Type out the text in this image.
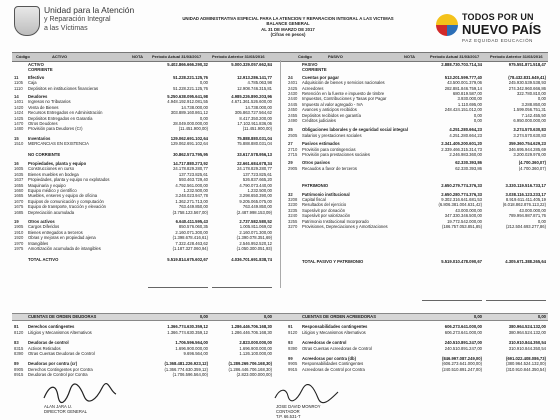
Unidad para la Atención
y Reparación Integral
a las Víctimas
UNIDAD ADMINISTRATIVA ESPECIAL PARA LA ATENCION Y REPARACION INTEGRAL A LAS VICTIMAS
BALANCE GENERAL
AL 31 DE MARZO DE 2017
(Cifras en pesos)
TODOS POR UN
NUEVO PAÍS
PAZ EQUIDAD EDUCACIÓN
Código	ACTIVO	NOTA Periodo Actual 31/03/2017	Periodo Anterior 31/03/2016	Código	PASIVO	NOTA	Periodo Actual 31/03/2017	Periodo Anterior 31/03/2016
ACTIVO	5.402.866.666.290,32	5.000.329.057.662,84
CORRIENTE
11	Efectivo	51.228.221.125,76	12.913.286.141,77
1105	Caja	0,00	4.785.063,98
1110	Depósitos en instituciones financieras	51.228.221.125,76	12.908.746.315,81
14	Deudores	5.250.638.095.641,98	4.985.226.890.203,96
1401	Ingresos no Tributarios	4.948.192.912.081,55	4.671.361.526.600,00
1420	Venta de Bienes	14.738.000,00	14.738.000,00
1424	Recursos Entregados en Administración	303.889.160.861,12	305.863.727.564,62
1425	Depósitos Entregados en Garantía	0,00	8.417.350.200,00
1470	Otros Deudores	28.049.000.000,00	17.102.911.836,06
1480	Provisión para Deudores (Cr)	(11.451.900,00)	(11.451.900,00)
15	Inventarios	129.062.691.102,64	75.888.880.031,04
1510	MERCANCIAS EN EXISTENCIA	129.062.691.102,64	75.888.880.031,04
NO CORRIENTE	30.862.573.795,95	33.617.578.956,13
16	Propiedades, planta y equipo	14.717.880.273,92	22.661.684.678,34
1605	Construcciones en curso	24.178.829.280,77	24.178.829.280,77
1635	Bienes muebles en bodega	137.723.825,61	137.723.825,61
1637	Propiedades, planta y equipo no explotados	593.463.729,40	526.837.665,20
1655	Maquinaria y equipo	4.792.561.000,00	4.790.073.440,00
1660	Equipo médico y científico	1.232.500,00	1.232.500,00
1665	Muebles, enseres y equipo de oficina	3.248.023.947,78	3.298.650.390,00
1670	Equipos de comunicación y computación	1.362.271.713,00	9.205.065.075,00
1675	Equipo de transporte, tracción y elevación	763.449.850,00	763.449.850,00
1685	Depreciación acumulada	(3.758.123.567,00)	(2.487.998.153,09)
19	Otros activos	6.640.411.595,43	2.737.582.580,52
1905	Cargos Diferidos	850.576.060,35	1.005.811.069,02
1910	Bienes entregados a terceros	2.160.071.300,00	2.160.071.300,00
1920	Obras y mejoras en propiedad ajena	(1.398.678.416,61)	(1.390.078.351,69)
1970	Intangibles	7.322.428.463,62	2.546.952.520,12
1975	Amortización acumulada de intangibles	(1.187.327.060,94)	(1.050.300.051,93)
TOTAL ACTIVO	5.519.814.675.602,67	4.036.701.691.838,74
PASIVO	2.888.730.703.714,34	975.551.871.518,47
CORRIENTE
24	Cuentas por pagar	513.201.599.777,40	(78.432.831.649,41)
2401	Adquisición de bienes y servicios nacionales	43.500.001.379,06	245.930.539.538,93
2425	Acreedores	282.881.846.759,14	274.342.960.666,86
2430	Retención en la fuente e impuesto de timbre	680.819.587,00	322.780.810,00
2440	Impuestos, Contribuciones y Tasas por Pagar	3.930.000,00	0,00
2445	Impuesto al valor agregado - IVA	1.110.695,00	3.288.850,00
2450	Avances y anticipos recibidos	248.424.151.012,00	1.599.056.751,31
2455	Depósitos recibidos en garantía	0,00	7.142.455,50
2490	Créditos judiciales	0,00	6.950.000.000,00
25	Obligaciones laborales y de seguridad social integral	4.251.280.664,23	3.274.570.630,83
2505	Salarios y prestaciones sociales	4.251.280.664,23	3.274.570.630,83
27	Pasivos estimados	2.341.405.200.601,20	359.360.754.629,23
2710	Provisión para contingencias	2.339.466.315.314,73	346.695.944.285,69
2715	Provisión para prestaciones sociales	2.246.983.360,00	3.200.029.978,00
29	Otros pasivos	62.330.393,86	(4.700.360,07)
2905	Recaudos a favor de terceros	62.330.393,86	(4.700.360,07)
PATRIMONIO	2.650.279.774.376,33	3.330.119.516.733,17
32	Patrimonio institucional	2.650.280.774.376,33	3.038.116.123.233,17
3208	Capital fiscal	9.302.316.641.681,53	8.919.611.411.405,19
3230	Resultados del ejercicio	(6.806.381.004.631,42)	(6.018.862.876.113,22)
3235	Superávit por donación	43.000.000,00	43.000.000,00
3240	Superávit por valorización	347.330.346.500,00	789.994.987.871,76
3255	Patrimonio Institucional Incorporado	19.772.542.000,00	0,00
3270	Provisiones, Depreciaciones y Amortizaciones	(186.757.053.851,85)	(212.504.693.277,86)
TOTAL PASIVO Y PATRIMONIO	5.519.010.478.090,67	4.305.671.388.265,64
CUENTAS DE ORDEN DEUDORAS	0,00	0,00
81	Derechos contingentes	1.366.774.630.359,12	1.286.446.706.168,30
8120	Litigios y Mecanismos Alternativos	1.366.774.630.359,12	1.286.446.706.168,30
83	Deudoras de control	1.706.596.564,00	2.823.000.000,00
8315	Activos Retirados	1.696.900.000,00	1.696.900.000,00
8390	Otras Cuentas Deudoras de Control	9.696.564,00	1.126.100.000,00
89	Deudoras por contra (cr)	(1.368.481.226.923,12)	(1.289.269.706.168,30)
8905	Derechos Contingentes por Contra	(1.366.774.630.359,12)	(1.286.446.706.168,30)
8915	Deudoras de Control por Contra	(1.706.596.564,00)	(2.823.000.000,00)
CUENTAS DE ORDEN ACREEDORAS	0,00	0,00
91	Responsabilidades contingentes	606.273.641.000,00	380.964.524.132,00
9120	Litigios y Mecanismos Alternativos	606.273.641.000,00	380.964.524.132,00
93	Acreedoras de control	240.510.891.247,00	310.910.844.350,54
9390	Otras Cuentas Acreedoras de Control	240.510.891.247,00	310.910.844.350,54
99	Acreedoras por contra (db)	(846.997.087.249,00)	(691.022.408.086,73)
9905	Responsabilidades Contingentes	(606.273.641.000,00)	(380.964.524.132,00)
9915	Acreedoras de Control por Contra	(240.510.891.247,00)	(310.910.844.350,54)
ALAN JARA U.
DIRECTOR GENERAL
JOSE DAVID MONROY
CONTADOR
T.P. 66.531-T
